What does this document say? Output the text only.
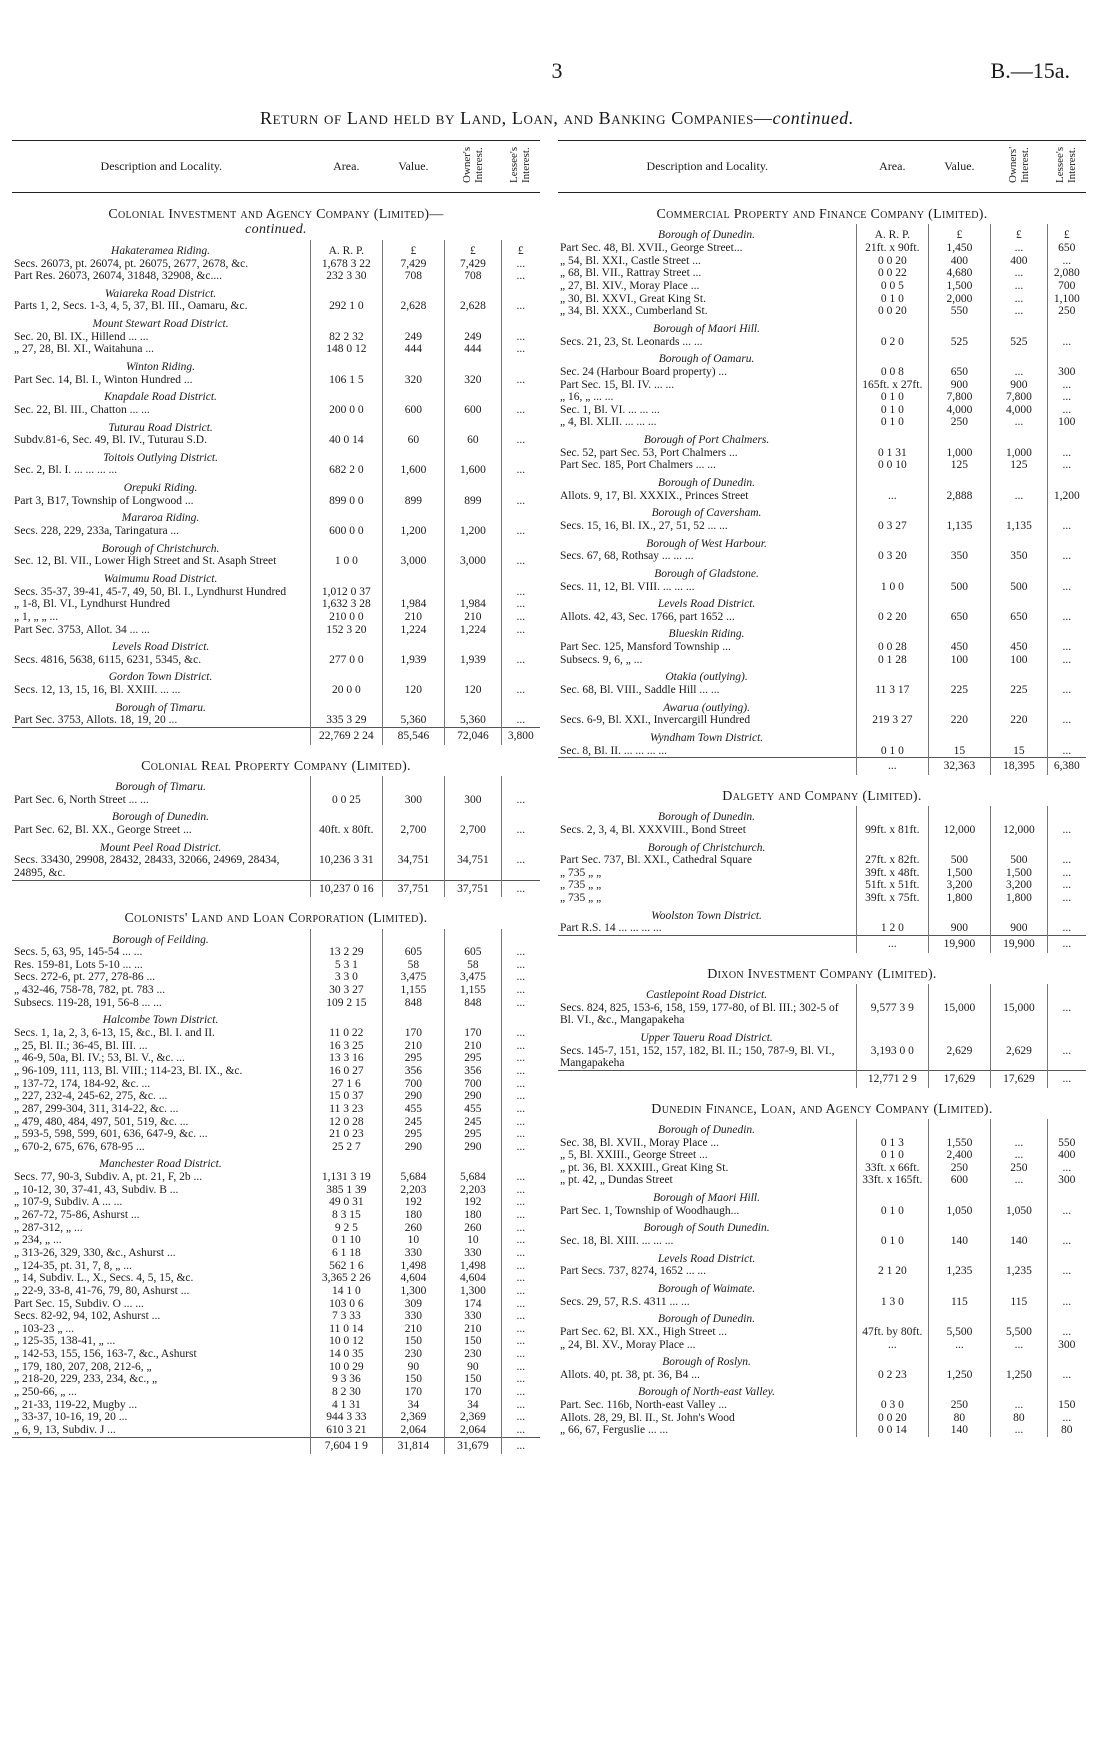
3	B.—15a.
Return of Land held by Land, Loan, and Banking Companies—continued.
Description and Locality.	Area.	Value.	Owner's Interest.	Lessee's Interest.
Colonial Investment and Agency Company (Limited)—
continued.				
Hakateramea Riding.	A. R. P.	£	£	£
Secs. 26073, pt. 26074, pt. 26075, 2677, 2678, &c.	1,678 3 22	7,429	7,429	...
Part Res. 26073, 26074, 31848, 32908, &c....	232 3 30	708	708	...
Waiareka Road District.				
Parts 1, 2, Secs. 1-3, 4, 5, 37, Bl. III., Oamaru, &c.	292 1 0	2,628	2,628	...
Mount Stewart Road District.				
Sec. 20, Bl. IX., Hillend ... ...	82 2 32	249	249	...
„ 27, 28, Bl. XI., Waitahuna ...	148 0 12	444	444	...
Winton Riding.				
Part Sec. 14, Bl. I., Winton Hundred ...	106 1 5	320	320	...
Knapdale Road District.				
Sec. 22, Bl. III., Chatton ... ...	200 0 0	600	600	...
Tuturau Road District.				
Subdv.81-6, Sec. 49, Bl. IV., Tuturau S.D.	40 0 14	60	60	...
Toitois Outlying District.				
Sec. 2, Bl. I. ... ... ... ...	682 2 0	1,600	1,600	...
Orepuki Riding.				
Part 3, B17, Township of Longwood ...	899 0 0	899	899	...
Mararoa Riding.				
Secs. 228, 229, 233a, Taringatura ...	600 0 0	1,200	1,200	...
Borough of Christchurch.				
Sec. 12, Bl. VII., Lower High Street and St. Asaph Street	1 0 0	3,000	3,000	...
Waimumu Road District.				
Secs. 35-37, 39-41, 45-7, 49, 50, Bl. I., Lyndhurst Hundred	1,012 0 37			...
„ 1-8, Bl. VI., Lyndhurst Hundred	1,632 3 28	1,984	1,984	...
„ 1, „ „ ...	210 0 0	210	210	...
Part Sec. 3753, Allot. 34 ... ...	152 3 20	1,224	1,224	...
Levels Road District.				
Secs. 4816, 5638, 6115, 6231, 5345, &c.	277 0 0	1,939	1,939	...
Gordon Town District.				
Secs. 12, 13, 15, 16, Bl. XXIII. ... ...	20 0 0	120	120	...
Borough of Timaru.				
Part Sec. 3753, Allots. 18, 19, 20 ...	335 3 29	5,360	5,360	...
	22,769 2 24	85,546	72,046	3,800
Colonial Real Property Company (Limited).				
Borough of Timaru.				
Part Sec. 6, North Street ... ...	0 0 25	300	300	...
Borough of Dunedin.				
Part Sec. 62, Bl. XX., George Street ...	40ft. x 80ft.	2,700	2,700	...
Mount Peel Road District.				
Secs. 33430, 29908, 28432, 28433, 32066, 24969, 28434, 24895, &c.	10,236 3 31	34,751	34,751	...
	10,237 0 16	37,751	37,751	...
Colonists' Land and Loan Corporation (Limited).				
Borough of Feilding.				
Secs. 5, 63, 95, 145-54 ... ...	13 2 29	605	605	...
Res. 159-81, Lots 5-10 ... ...	5 3 1	58	58	...
Secs. 272-6, pt. 277, 278-86 ...	3 3 0	3,475	3,475	...
„ 432-46, 758-78, 782, pt. 783 ...	30 3 27	1,155	1,155	...
Subsecs. 119-28, 191, 56-8 ... ...	109 2 15	848	848	...
Halcombe Town District.				
Secs. 1, 1a, 2, 3, 6-13, 15, &c., Bl. I. and II.	11 0 22	170	170	...
„ 25, Bl. II.; 36-45, Bl. III. ...	16 3 25	210	210	...
„ 46-9, 50a, Bl. IV.; 53, Bl. V., &c. ...	13 3 16	295	295	...
„ 96-109, 111, 113, Bl. VIII.; 114-23, Bl. IX., &c.	16 0 27	356	356	...
„ 137-72, 174, 184-92, &c. ...	27 1 6	700	700	...
„ 227, 232-4, 245-62, 275, &c. ...	15 0 37	290	290	...
„ 287, 299-304, 311, 314-22, &c. ...	11 3 23	455	455	...
„ 479, 480, 484, 497, 501, 519, &c. ...	12 0 28	245	245	...
„ 593-5, 598, 599, 601, 636, 647-9, &c. ...	21 0 23	295	295	...
„ 670-2, 675, 676, 678-95 ...	25 2 7	290	290	...
Manchester Road District.				
Secs. 77, 90-3, Subdiv. A, pt. 21, F, 2b ...	1,131 3 19	5,684	5,684	...
„ 10-12, 30, 37-41, 43, Subdiv. B ...	385 1 39	2,203	2,203	...
„ 107-9, Subdiv. A ... ...	49 0 31	192	192	...
„ 267-72, 75-86, Ashurst ...	8 3 15	180	180	...
„ 287-312, „ ...	9 2 5	260	260	...
„ 234, „ ...	0 1 10	10	10	...
„ 313-26, 329, 330, &c., Ashurst ...	6 1 18	330	330	...
„ 124-35, pt. 31, 7, 8, „ ...	562 1 6	1,498	1,498	...
„ 14, Subdiv. L., X., Secs. 4, 5, 15, &c.	3,365 2 26	4,604	4,604	...
„ 22-9, 33-8, 41-76, 79, 80, Ashurst ...	14 1 0	1,300	1,300	...
Part Sec. 15, Subdiv. O ... ...	103 0 6	309	174	...
Secs. 82-92, 94, 102, Ashurst ...	7 3 33	330	330	...
„ 103-23 „ ...	11 0 14	210	210	...
„ 125-35, 138-41, „ ...	10 0 12	150	150	...
„ 142-53, 155, 156, 163-7, &c., Ashurst	14 0 35	230	230	...
„ 179, 180, 207, 208, 212-6, „	10 0 29	90	90	...
„ 218-20, 229, 233, 234, &c., „	9 3 36	150	150	...
„ 250-66, „ ...	8 2 30	170	170	...
„ 21-33, 119-22, Mugby ...	4 1 31	34	34	...
„ 33-37, 10-16, 19, 20 ...	944 3 33	2,369	2,369	...
„ 6, 9, 13, Subdiv. J ...	610 3 21	2,064	2,064	...
	7,604 1 9	31,814	31,679	...
Description and Locality.	Area.	Value.	Owners' Interest.	Lessee's Interest.
Commercial Property and Finance Company (Limited).				
Borough of Dunedin.	A. R. P.	£	£	£
Part Sec. 48, Bl. XVII., George Street...	21ft. x 90ft.	1,450	...	650
„ 54, Bl. XXI., Castle Street ...	0 0 20	400	400	...
„ 68, Bl. VII., Rattray Street ...	0 0 22	4,680	...	2,080
„ 27, Bl. XIV., Moray Place ...	0 0 5	1,500	...	700
„ 30, Bl. XXVI., Great King St.	0 1 0	2,000	...	1,100
„ 34, Bl. XXX., Cumberland St.	0 0 20	550	...	250
Borough of Maori Hill.				
Secs. 21, 23, St. Leonards ... ...	0 2 0	525	525	...
Borough of Oamaru.				
Sec. 24 (Harbour Board property) ...	0 0 8	650	...	300
Part Sec. 15, Bl. IV. ... ...	165ft. x 27ft.	900	900	...
„ 16, „ ... ...	0 1 0	7,800	7,800	...
Sec. 1, Bl. VI. ... ... ...	0 1 0	4,000	4,000	...
„ 4, Bl. XLII. ... ... ...	0 1 0	250	...	100
Borough of Port Chalmers.				
Sec. 52, part Sec. 53, Port Chalmers ...	0 1 31	1,000	1,000	...
Part Sec. 185, Port Chalmers ... ...	0 0 10	125	125	...
Borough of Dunedin.				
Allots. 9, 17, Bl. XXXIX., Princes Street	...	2,888	...	1,200
Borough of Caversham.				
Secs. 15, 16, Bl. IX., 27, 51, 52 ... ...	0 3 27	1,135	1,135	...
Borough of West Harbour.				
Secs. 67, 68, Rothsay ... ... ...	0 3 20	350	350	...
Borough of Gladstone.				
Secs. 11, 12, Bl. VIII. ... ... ...	1 0 0	500	500	...
Levels Road District.				
Allots. 42, 43, Sec. 1766, part 1652 ...	0 2 20	650	650	...
Blueskin Riding.				
Part Sec. 125, Mansford Township ...	0 0 28	450	450	...
Subsecs. 9, 6, „ ...	0 1 28	100	100	...
Otakia (outlying).				
Sec. 68, Bl. VIII., Saddle Hill ... ...	11 3 17	225	225	...
Awarua (outlying).				
Secs. 6-9, Bl. XXI., Invercargill Hundred	219 3 27	220	220	...
Wyndham Town District.				
Sec. 8, Bl. II. ... ... ... ...	0 1 0	15	15	...
	...	32,363	18,395	6,380
Dalgety and Company (Limited).				
Borough of Dunedin.				
Secs. 2, 3, 4, Bl. XXXVIII., Bond Street	99ft. x 81ft.	12,000	12,000	...
Borough of Christchurch.				
Part Sec. 737, Bl. XXI., Cathedral Square	27ft. x 82ft.	500	500	...
„ 735 „ „	39ft. x 48ft.	1,500	1,500	...
„ 735 „ „	51ft. x 51ft.	3,200	3,200	...
„ 735 „ „	39ft. x 75ft.	1,800	1,800	...
Woolston Town District.				
Part R.S. 14 ... ... ... ...	1 2 0	900	900	...
	...	19,900	19,900	...
Dixon Investment Company (Limited).				
Castlepoint Road District.				
Secs. 824, 825, 153-6, 158, 159, 177-80, of Bl. III.; 302-5 of Bl. VI., &c., Mangapakeha	9,577 3 9	15,000	15,000	...
Upper Taueru Road District.				
Secs. 145-7, 151, 152, 157, 182, Bl. II.; 150, 787-9, Bl. VI., Mangapakeha	3,193 0 0	2,629	2,629	...
	12,771 2 9	17,629	17,629	...
Dunedin Finance, Loan, and Agency Company (Limited).				
Borough of Dunedin.				
Sec. 38, Bl. XVII., Moray Place ...	0 1 3	1,550	...	550
„ 5, Bl. XXIII., George Street ...	0 1 0	2,400	...	400
„ pt. 36, Bl. XXXIII., Great King St.	33ft. x 66ft.	250	250	...
„ pt. 42, „ Dundas Street	33ft. x 165ft.	600	...	300
Borough of Maori Hill.				
Part Sec. 1, Township of Woodhaugh...	0 1 0	1,050	1,050	...
Borough of South Dunedin.				
Sec. 18, Bl. XIII. ... ... ...	0 1 0	140	140	...
Levels Road District.				
Part Secs. 737, 8274, 1652 ... ...	2 1 20	1,235	1,235	...
Borough of Waimate.				
Secs. 29, 57, R.S. 4311 ... ...	1 3 0	115	115	...
Borough of Dunedin.				
Part Sec. 62, Bl. XX., High Street ...	47ft. by 80ft.	5,500	5,500	...
„ 24, Bl. XV., Moray Place ...	...	...	...	300
Borough of Roslyn.				
Allots. 40, pt. 38, pt. 36, B4 ...	0 2 23	1,250	1,250	...
Borough of North-east Valley.				
Part. Sec. 116b, North-east Valley ...	0 3 0	250	...	150
Allots. 28, 29, Bl. II., St. John's Wood	0 0 20	80	80	...
„ 66, 67, Ferguslie ... ...	0 0 14	140	...	80
